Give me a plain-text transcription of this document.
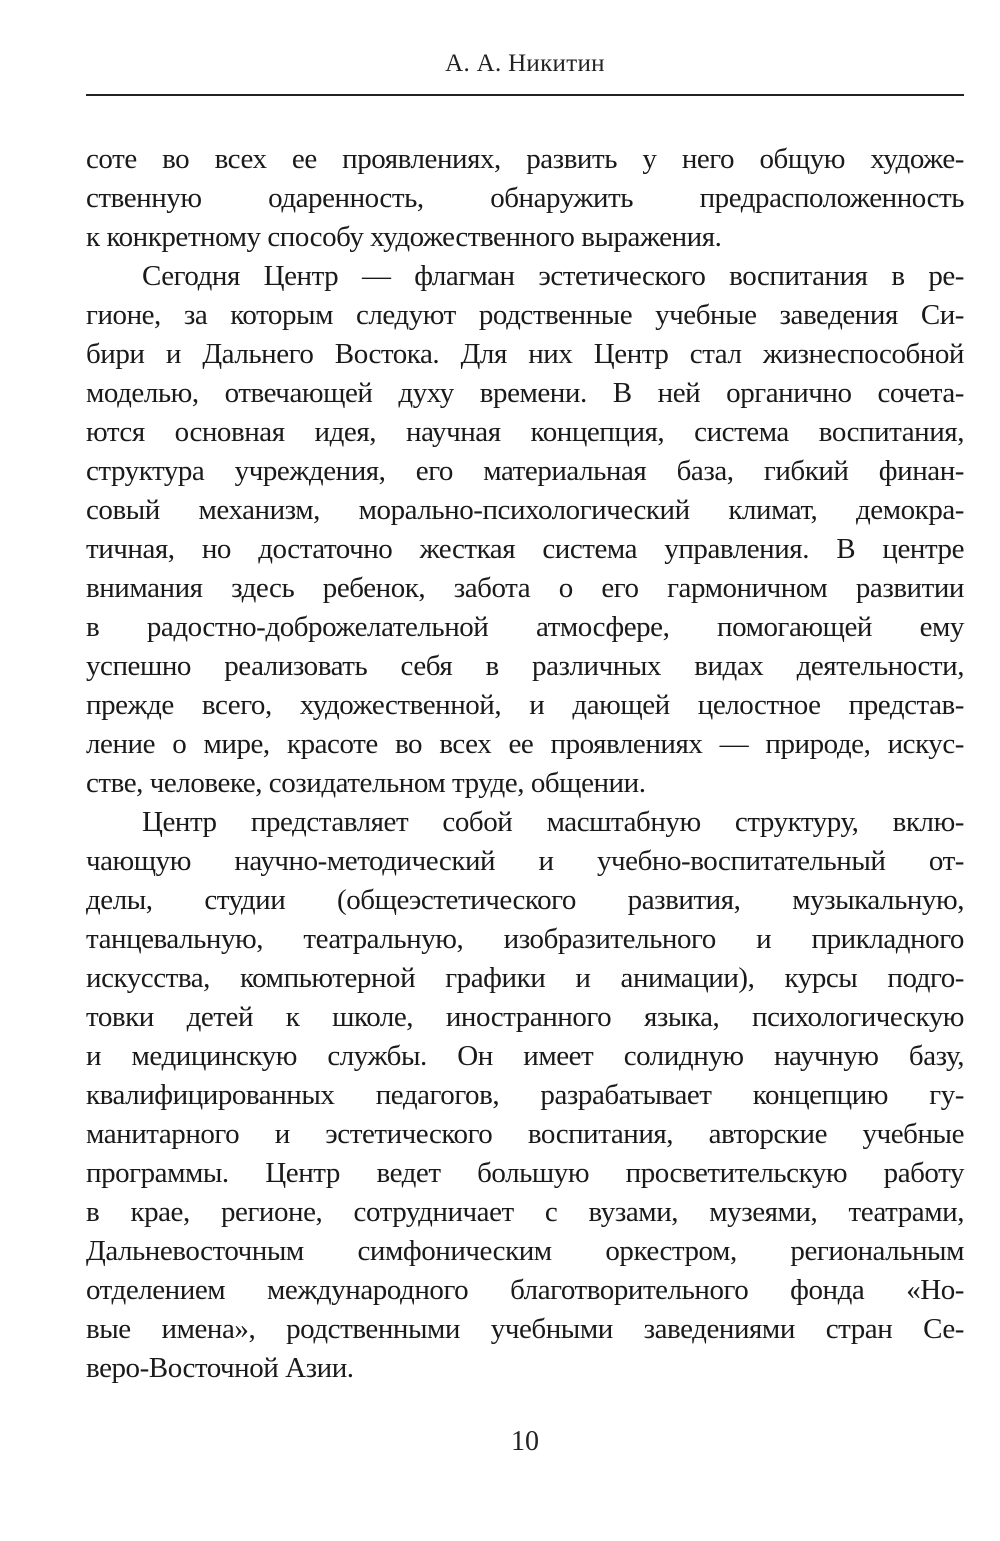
А. А. Никитин
соте во всех ее проявлениях, развить у него общую художе-
ственную одаренность, обнаружить предрасположенность
к конкретному способу художественного выражения.
Сегодня Центр — флагман эстетического воспитания в ре-
гионе, за которым следуют родственные учебные заведения Си-
бири и Дальнего Востока. Для них Центр стал жизнеспособной
моделью, отвечающей духу времени. В ней органично сочета-
ются основная идея, научная концепция, система воспитания,
структура учреждения, его материальная база, гибкий финан-
совый механизм, морально-психологический климат, демокра-
тичная, но достаточно жесткая система управления. В центре
внимания здесь ребенок, забота о его гармоничном развитии
в радостно-доброжелательной атмосфере, помогающей ему
успешно реализовать себя в различных видах деятельности,
прежде всего, художественной, и дающей целостное представ-
ление о мире, красоте во всех ее проявлениях — природе, искус-
стве, человеке, созидательном труде, общении.
Центр представляет собой масштабную структуру, вклю-
чающую научно-методический и учебно-воспитательный от-
делы, студии (общеэстетического развития, музыкальную,
танцевальную, театральную, изобразительного и прикладного
искусства, компьютерной графики и анимации), курсы подго-
товки детей к школе, иностранного языка, психологическую
и медицинскую службы. Он имеет солидную научную базу,
квалифицированных педагогов, разрабатывает концепцию гу-
манитарного и эстетического воспитания, авторские учебные
программы. Центр ведет большую просветительскую работу
в крае, регионе, сотрудничает с вузами, музеями, театрами,
Дальневосточным симфоническим оркестром, региональным
отделением международного благотворительного фонда «Но-
вые имена», родственными учебными заведениями стран Се-
веро-Восточной Азии.
10
